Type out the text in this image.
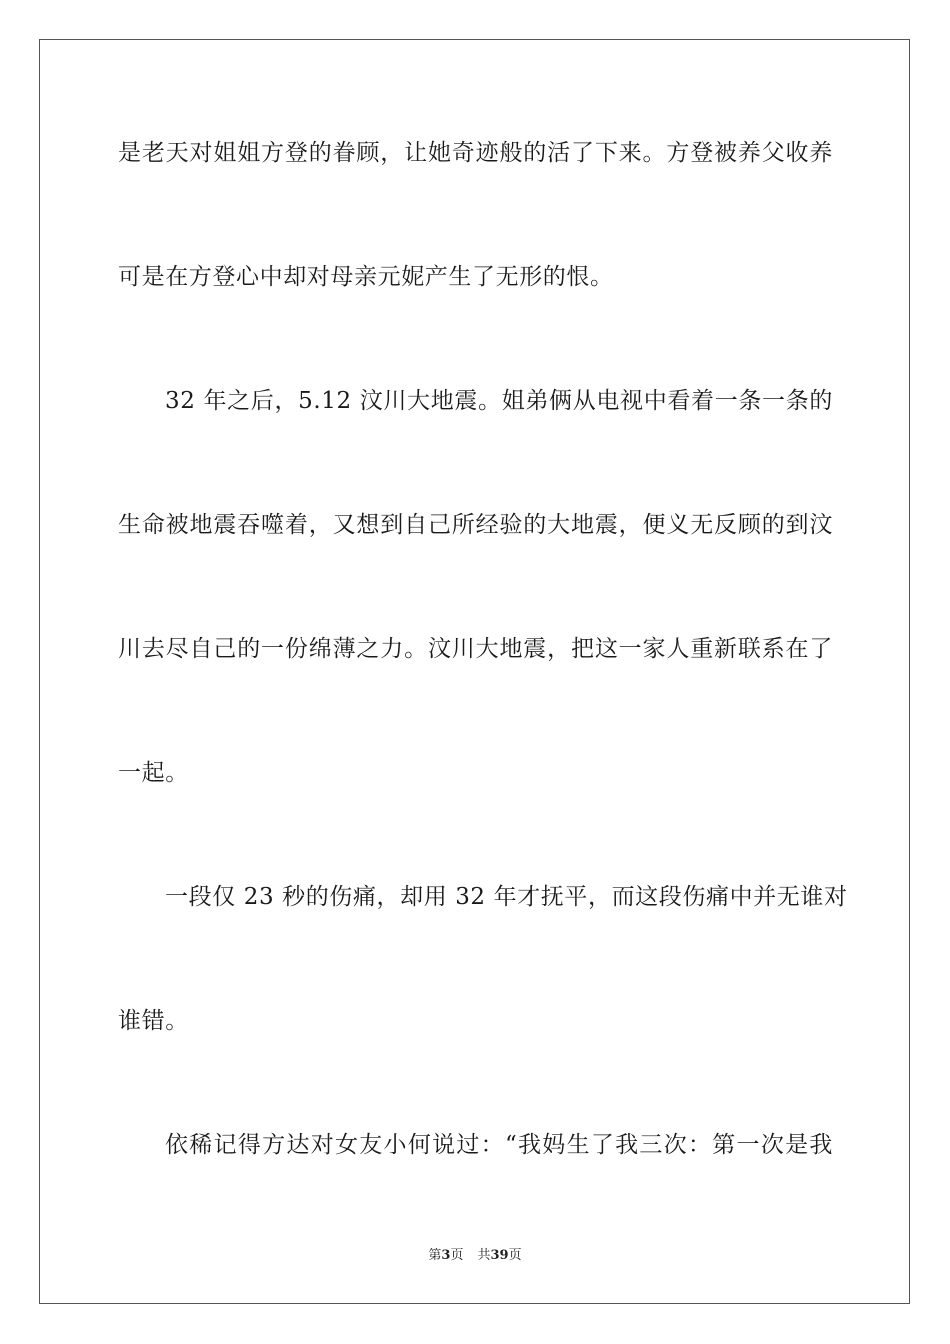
是老天对姐姐方登的眷顾，让她奇迹般的活了下来。方登被养父收养
可是在方登心中却对母亲元妮产生了无形的恨。
32 年之后，5.12 汶川大地震。姐弟俩从电视中看着一条一条的
生命被地震吞噬着，又想到自己所经验的大地震，便义无反顾的到汶
川去尽自己的一份绵薄之力。汶川大地震，把这一家人重新联系在了
一起。
一段仅 23 秒的伤痛，却用 32 年才抚平，而这段伤痛中并无谁对
谁错。
依稀记得方达对女友小何说过：“我妈生了我三次：第一次是我
第3页 共39页
